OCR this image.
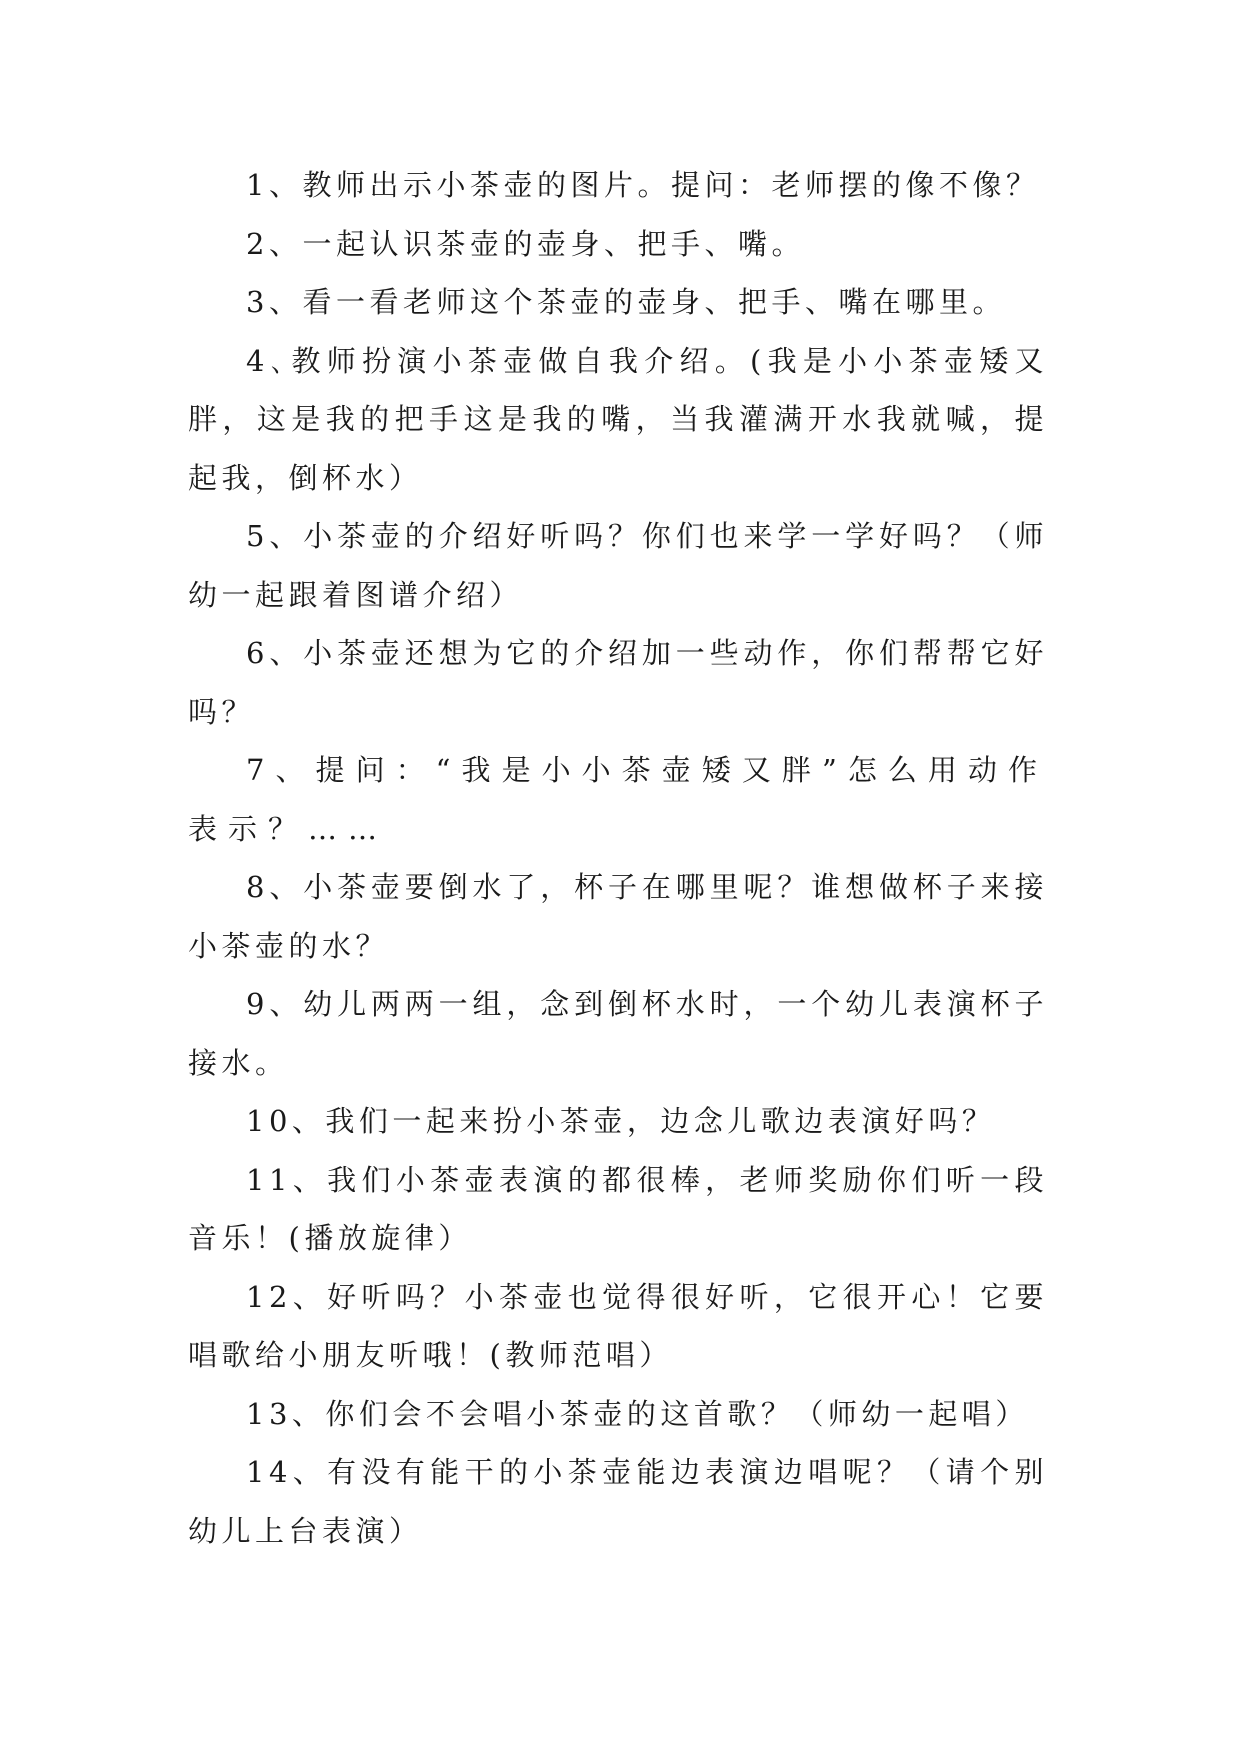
1、教师出示小茶壶的图片。提问：老师摆的像不像？

2、一起认识茶壶的壶身、把手、嘴。

3、看一看老师这个茶壶的壶身、把手、嘴在哪里。

4､教师扮演小茶壶做自我介绍。(我是小小茶壶矮又胖，这是我的把手这是我的嘴，当我灌满开水我就喊，提起我，倒杯水）

5、小茶壶的介绍好听吗？你们也来学一学好吗？（师幼一起跟着图谱介绍）

6、小茶壶还想为它的介绍加一些动作，你们帮帮它好吗？

7、提问：“我是小小茶壶矮又胖”怎么用动作表示？……

8、小茶壶要倒水了，杯子在哪里呢？谁想做杯子来接小茶壶的水？

9、幼儿两两一组，念到倒杯水时，一个幼儿表演杯子接水。

10、我们一起来扮小茶壶，边念儿歌边表演好吗？

11、我们小茶壶表演的都很棒，老师奖励你们听一段音乐！(播放旋律）

12、好听吗？小茶壶也觉得很好听，它很开心！它要唱歌给小朋友听哦！(教师范唱）

13、你们会不会唱小茶壶的这首歌？（师幼一起唱）

14、有没有能干的小茶壶能边表演边唱呢？（请个别幼儿上台表演）
